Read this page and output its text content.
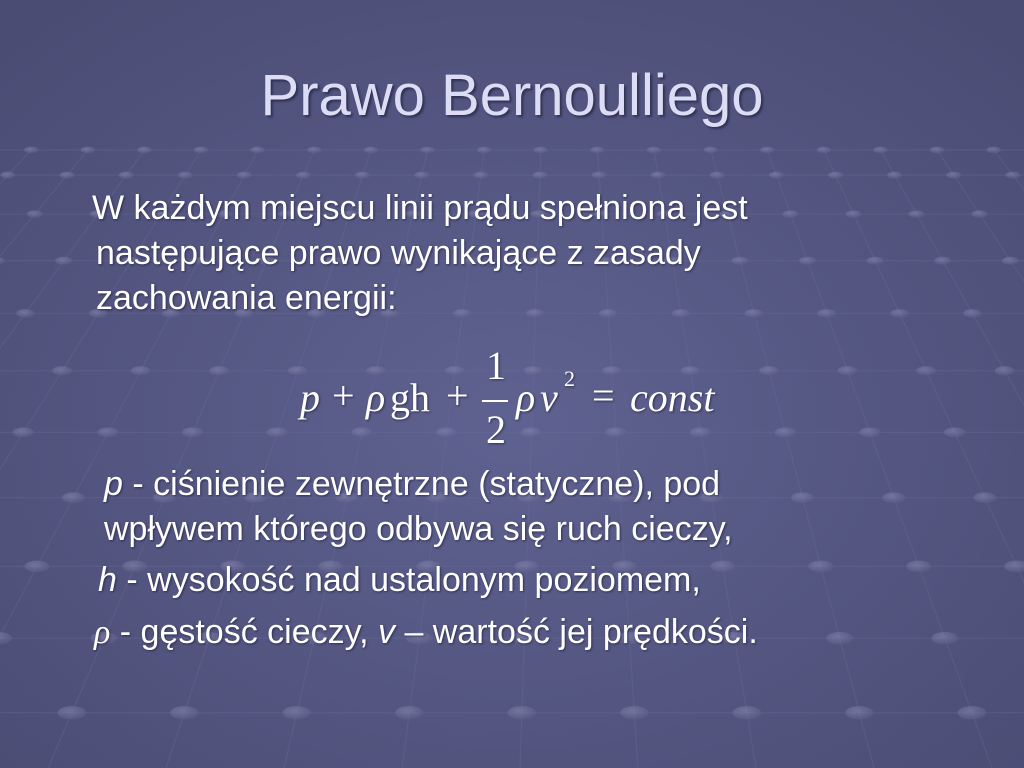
Prawo Bernoulliego
W każdym miejscu linii prądu spełniona jest
następujące prawo wynikające z zasady
zachowania energii:
p + ρ gh +
1
2
ρ v 2 = const
p - ciśnienie zewnętrzne (statyczne), pod
wpływem którego odbywa się ruch cieczy,
h - wysokość nad ustalonym poziomem,
ρ - gęstość cieczy, v – wartość jej prędkości.
